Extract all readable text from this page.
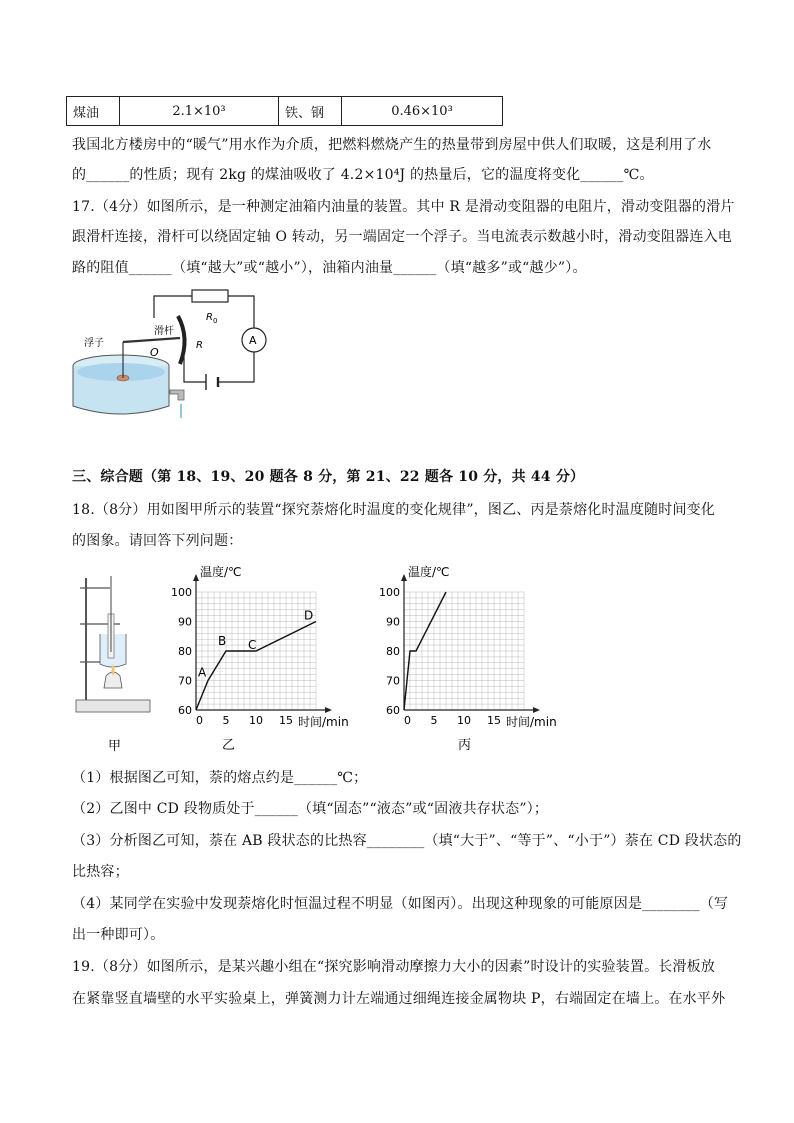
煤油	2.1×10³	铁、钢	0.46×10³
我国北方楼房中的“暖气”用水作为介质，把燃料燃烧产生的热量带到房屋中供人们取暖，这是利用了水
的______的性质；现有 2kg 的煤油吸收了 4.2×10⁴J 的热量后，它的温度将变化______℃。
17.（4分）如图所示，是一种测定油箱内油量的装置。其中 R 是滑动变阻器的电阻片，滑动变阻器的滑片
跟滑杆连接，滑杆可以绕固定轴 O 转动，另一端固定一个浮子。当电流表示数越小时，滑动变阻器连入电
路的阻值______（填“越大”或“越小”），油箱内油量______（填“越多”或“越少”）。
R 0
A
浮子
滑杆
O
R
三、综合题（第 18、19、20 题各 8 分，第 21、22 题各 10 分，共 44 分）
18.（8分）用如图甲所示的装置“探究萘熔化时温度的变化规律”，图乙、丙是萘熔化时温度随时间变化
的图象。请回答下列问题：
甲
60
70
80
90
100
0 5 10 15
A
B C
D
温度/℃
时间/min
乙
60
70
80
90
100
0 5 10 15
温度/℃
时间/min
丙
（1）根据图乙可知，萘的熔点约是______℃；
（2）乙图中 CD 段物质处于______（填“固态”“液态”或“固液共存状态”）；
（3）分析图乙可知，萘在 AB 段状态的比热容________（填“大于”、“等于”、“小于”）萘在 CD 段状态的
比热容；
（4）某同学在实验中发现萘熔化时恒温过程不明显（如图丙）。出现这种现象的可能原因是________（写
出一种即可）。
19.（8分）如图所示，是某兴趣小组在“探究影响滑动摩擦力大小的因素”时设计的实验装置。长滑板放
在紧靠竖直墙壁的水平实验桌上，弹簧测力计左端通过细绳连接金属物块 P，右端固定在墙上。在水平外
